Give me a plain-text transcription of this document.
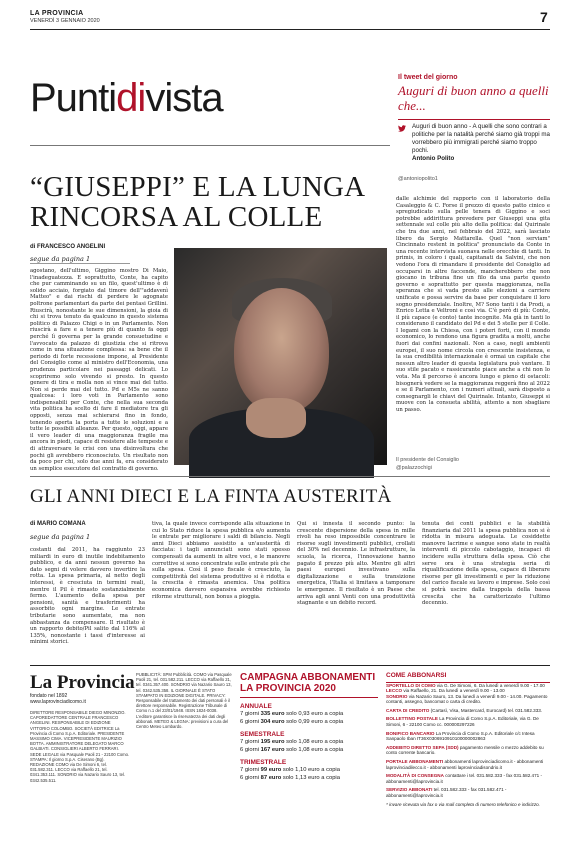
LA PROVINCIA
VENERDÌ 3 GENNAIO 2020	7
Puntidivista	Il tweet del giorno
Auguri di buon anno a quelli che...
Auguri di buon anno - A quelli che sono contrari a politiche per la natalità perché siamo già troppi ma vorrebbero più immigrati perché siamo troppo pochi.
Antonio Polito
@antoniopolito1
“GIUSEPPI” E LA LUNGA RINCORSA AL COLLE
di FRANCESCO ANGELINI
segue da pagina 1
agostano, dell'ultimo, Giggino mostro Di Maio, l'inadeguatezza. E soprattutto, Conte, ha capito che pur camminando su un filo, quest'ultimo è di solido acciaio, forgiato dal timore dell'"addavenì Matteo" e dai rischi di perdere le agognate poltrone parlamentari da parte dei pentasi Grillini. Riuscirà, nonostante le sue dimensioni, la gioia di chi si trova tenuto da qualcuno in questo sistema politico di Palazzo Chigi o in un Parlamento. Non riuscirà a fare e a tenere più di quanto fa oggi perché lì governa per la grande consuetudine e l'avvocato da palazzo di giustizia che si ritrova come in una situazione complessa: sa bene che il periodo di forte recessione impone, al Presidente del Consiglio come al ministro dell'Economia, una prudenza particolare nei passaggi delicati. Lo scopriremo solo vivendo si presto. In questo genere di tira e molla non si vince mai del tutto. Non si perde mai del tutto. Pd e M5s ne sanno qualcosa: i loro voti in Parlamento sono indispensabili per Conte, che nella sua seconda vita politica ha scelto di fare il mediatore tra gli opposti, senza mai schierarsi fino in fondo, tenendo aperta la porta a tutte le soluzioni e a tutte le possibili alleanze. Per questo, oggi, appare il vero leader di una maggioranza fragile ma ancora in piedi, capace di resistere alle tempeste e di attraversare le crisi con una disinvoltura che pochi gli avrebbero riconosciuto. Un risultato non da poco per chi, solo due anni fa, era considerato un semplice esecutore del contratto di governo.
dalle alchimie del rapporto con il laboratorio della Casaleggio & C. Forse il prezzo di questo patto cinico e spregiudicato sulla pelle tenera di Giggino e soci potrebbe addirittura prevedere per Giuseppi una gita settennale sul colle più alto della politica: dal Quirinale che tra due anni, nel febbraio del 2022, sarà lasciato libero da Sergio Mattarella. Quel "non serviam" Cincinnato restent in politica" pronunciato da Conte in una recente intervista suonava nelle orecchie di tanti. In primis, in coloro i quali, capitanati da Salvini, che non vedono l'ora di rimandare il presidente del Consiglio ad occuparsi in altre faccende, mancherebbero che non giocano in tribuna fine un filo da una parte questo governo e soprattutto per questa maggioranza, nella speranza che si vada presto alle elezioni a carriere unificate e possa servire da base per conquistare il loro sogno presidenziale. Inoltre, M? Sono tanti i da Prodi, a Enrico Letta e Veltroni e così via. C'è però di più: Conte, il più capace (e conto) tante incognite. Ma già in tanti lo considerano il candidato del Pd e dei 5 stelle per il Colle. I legami con la Chiesa, con i poteri forti, con il mondo economico, lo rendono una figura gradita a molti, anche fuori dai confini nazionali. Non a caso, negli ambienti europei, il suo nome circola con crescente insistenza, e la sua credibilità internazionale è ormai un capitale che nessun altro leader di questa legislatura può vantare. Il suo stile pacato e rassicurante piace anche a chi non lo vota. Ma il percorso è ancora lungo e pieno di ostacoli: bisognerà vedere se la maggioranza reggerà fino al 2022 e se il Parlamento, con i numeri attuali, sarà disposto a consegnargli le chiavi del Quirinale. Intanto, Giuseppi si muove con la consueta abilità, attento a non sbagliare un passo.
Il presidente del Consiglio
@palazzochigi
GLI ANNI DIECI E LA FINTA AUSTERITÀ
di MARIO COMANA
segue da pagina 1
costanti dal 2011, ha raggiunto 23 miliardi in euro di inutile indebitamento pubblico, e da anni nessun governo ha dato segni di volere davvero invertire la rotta. La spesa primaria, al netto degli interessi, è cresciuta in termini reali, mentre il Pil è rimasto sostanzialmente fermo. L'aumento della spesa per pensioni, sanità e trasferimenti ha assorbito ogni margine. Le entrate tributarie sono aumentate, ma non abbastanza da compensare. Il risultato è un rapporto debito/Pil salito dal 116% al 135%, nonostante i tassi d'interesse ai minimi storici.
tiva, la quale invece corrisponde alla situazione in cui lo Stato riduce la spesa pubblica e/o aumenta le entrate per migliorare i saldi di bilancio. Negli anni Dieci abbiamo assistito a un'austerità di facciata: i tagli annunciati sono stati spesso compensati da aumenti in altre voci, e le manovre correttive si sono concentrate sulle entrate più che sulla spesa. Così il peso fiscale è cresciuto, la competitività del sistema produttivo si è ridotta e la crescita è rimasta anemica. Una politica economica davvero espansiva avrebbe richiesto riforme strutturali, non bonus a pioggia.
Qui si innesta il secondo punto: la crescente dispersione della spesa in mille rivoli ha reso impossibile concentrare le risorse sugli investimenti pubblici, crollati del 30% nel decennio. Le infrastrutture, la scuola, la ricerca, l'innovazione hanno pagato il prezzo più alto. Mentre gli altri paesi europei investivano sulla digitalizzazione e sulla transizione energetica, l'Italia si limitava a tamponare le emergenze. Il risultato è un Paese che arriva agli anni Venti con una produttività stagnante e un debito record.
tenuta dei conti pubblici e la stabilità finanziaria dal 2011 la spesa pubblica non si è ridotta in misura adeguata. Le cosiddette manovre lacrime e sangue sono state in realtà interventi di piccolo cabotaggio, incapaci di incidere sulla struttura della spesa. Ciò che serve ora è una strategia seria di riqualificazione della spesa, capace di liberare risorse per gli investimenti e per la riduzione del carico fiscale su lavoro e imprese. Solo così si potrà uscire dalla trappola della bassa crescita che ha caratterizzato l'ultimo decennio.
La Provincia
fondato nel 1892
www.laprovinciadicomo.it
DIRETTORE RESPONSABILE DIEGO MINONZIO. CAPOREDATTORE CENTRALE FRANCESCO ANGELINI. RESPONSABILE DI EDIZIONE VITTORIO COLOMBO. SOCIETÀ EDITRICE La Provincia di Como S.p.A. Editoriale. PRESIDENTE MASSIMO CIMA. VICEPRESIDENTE MAURIZIO BOTTA. AMMINISTRATORE DELEGATO MARCO GALBIATI. CONSIGLIERI ALBERTO FERRARI. SEDE LEGALE via Pasquale Paoli 21 - 22100 Como. STAMPA: Il giorno S.p.A. Ciserano (Bg). REDAZIONE COMO via De Simoni 6, tel. 031.582.311. LECCO via Raffaello 21, tel. 0341.353.111. SONDRIO via Nazario Sauro 13, tel. 0342.535.511.
PUBBLICITÀ: SPM Pubblicità. COMO via Pasquale Paoli 21, tel. 031.582.211. LECCO via Raffaello 21, tel. 0341.357.400. SONDRIO via Nazario Sauro 13, tel. 0342.535.358. IL GIORNALE È STATO STAMPATO IN EDIZIONE DIGITALE. PRIVACY: Responsabile del trattamento dei dati personali è il direttore responsabile. Registrazione Tribunale di Como n.1 del 23/01/1948. ISSN 1824-0038. L'editore garantisce la riservatezza dei dati degli abbonati. METEO & LEGNA: previsioni a cura del Centro Meteo Lombardo.
CAMPAGNA ABBONAMENTI LA PROVINCIA 2020
ANNUALE
7 giorni 335 euro solo 0,93 euro a copia
6 giorni 304 euro solo 0,99 euro a copia
SEMESTRALE
7 giorni 195 euro solo 1,08 euro a copia
6 giorni 167 euro solo 1,08 euro a copia
TRIMESTRALE
7 giorni 99 euro solo 1,10 euro a copia
6 giorni 87 euro solo 1,13 euro a copia
COME ABBONARSI
SPORTELLO DI COMO via G. De Simoni, 6. Da lunedì a venerdì 9.00 - 17.00
LECCO via Raffaello, 21. Da lunedì a venerdì 9.00 - 13.00
SONDRIO via Nazario Sauro, 13. Da lunedì a venerdì 9.00 - 14.00. Pagamento contanti, assegno, bancomat o carta di credito.
CARTA DI CREDITO (Cartasì, Visa, Mastercard, Eurocard) tel. 031.582.333.
BOLLETTINO POSTALE La Provincia di Como S.p.A. Editoriale, via G. De Simoni, 6 - 22100 Como cc. 000000297226
BONIFICO BANCARIO La Provincia di Como S.p.A. Editoriale c/c Intesa Sanpaolo Iban IT36X0306910910100000002863
ADDEBITO DIRETTO SEPA (SDD) pagamento mensile o mezzo addebito su conto corrente bancario.
PORTALE ABBONAMENTI abbonamenti laprovinciadicomo.it - abbonamenti laprovinciadilecco.it - abbonamenti laprovinciadisondrio.it
MODALITÀ DI CONSEGNA contattare i tel. 031.582.333 - fax 031.582.471 - abbonamenti@laprovincia.it
SERVIZIO ABBONATI tel. 031.582.333 - fax 031.582.471 - abbonamenti@laprovincia.it
* invare ricevuta via fax o via mail completa di numero telefonico e indirizzo.
